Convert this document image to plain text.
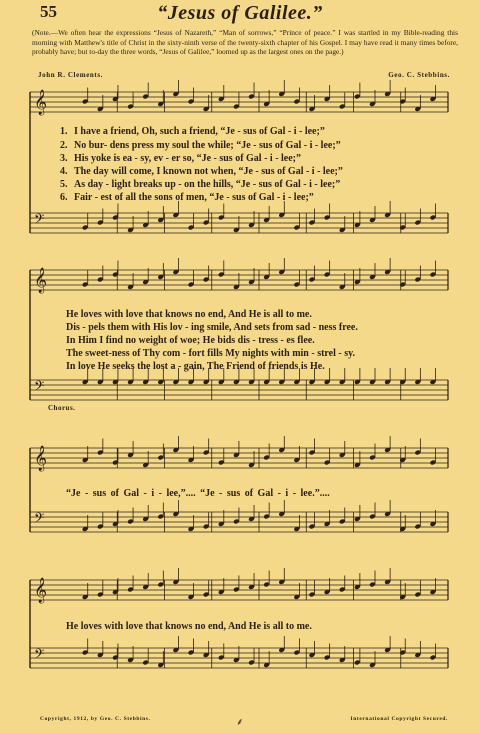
55	“Jesus of Galilee.”
(Note.—We often hear the expressions “Jesus of Nazareth,” “Man of sorrows,” “Prince of peace.” I was startled in my Bible-reading this morning with Matthew's title of Christ in the sixty-ninth verse of the twenty-sixth chapter of his Gospel. I may have read it many times before, probably have; but to-day the three words, “Jesus of Galilee,” loomed up as the largest ones on the page.)
John R. Clements.	Geo. C. Stebbins.
𝄞
𝄢
𝄞
𝄢
𝄞
𝄢
𝄞
𝄢
1. I have a friend, Oh, such a friend, “Je - sus of Gal - i - lee;”
2. No bur- dens press my soul the while; “Je - sus of Gal - i - lee;”
3. His yoke is ea - sy, ev - er so, “Je - sus of Gal - i - lee;”
4. The day will come, I known not when, “Je - sus of Gal - i - lee;”
5. As day - light breaks up - on the hills, “Je - sus of Gal - i - lee;”
6. Fair - est of all the sons of men, “Je - sus of Gal - i - lee;”
He loves with love that knows no end, And He is all to me.
Dis - pels them with His lov - ing smile, And sets from sad - ness free.
In Him I find no weight of woe; He bids dis - tress - es flee.
The sweet-ness of Thy com - fort fills My nights with min - strel - sy.
In love He seeks the lost a - gain, The Friend of friends is He.
Chorus.
“Je - sus of Gal - i - lee,”.... “Je - sus of Gal - i - lee.”....
He loves with love that knows no end, And He is all to me.
Copyright, 1912, by Geo. C. Stebbins.	International Copyright Secured.
⸙
